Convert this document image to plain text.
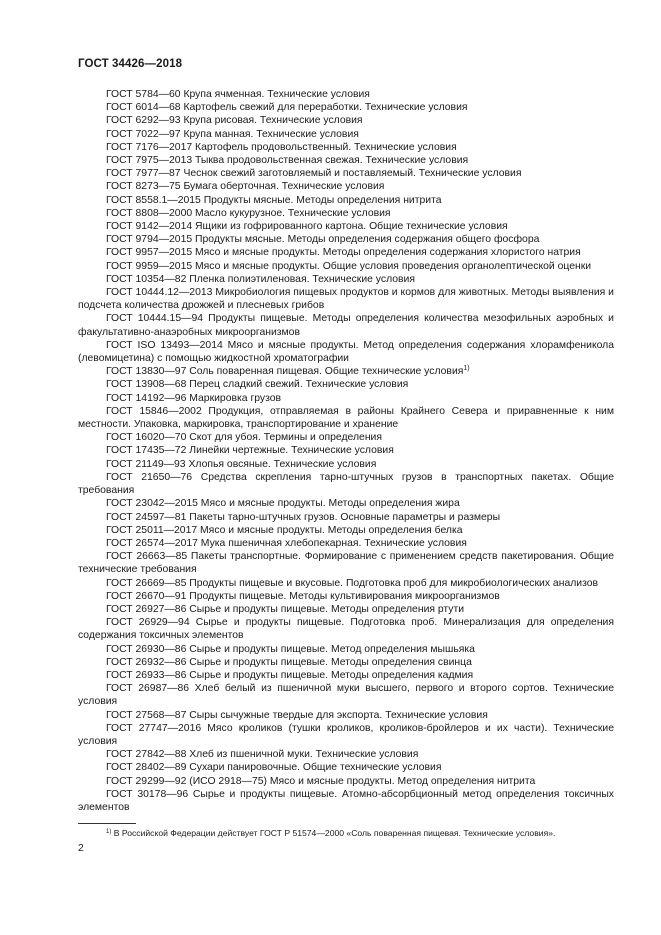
ГОСТ 34426—2018

ГОСТ 5784—60 Крупа ячменная. Технические условия

ГОСТ 6014—68 Картофель свежий для переработки. Технические условия

ГОСТ 6292—93 Крупа рисовая. Технические условия

ГОСТ 7022—97 Крупа манная. Технические условия

ГОСТ 7176—2017 Картофель продовольственный. Технические условия

ГОСТ 7975—2013 Тыква продовольственная свежая. Технические условия

ГОСТ 7977—87 Чеснок свежий заготовляемый и поставляемый. Технические условия

ГОСТ 8273—75 Бумага оберточная. Технические условия

ГОСТ 8558.1—2015 Продукты мясные. Методы определения нитрита

ГОСТ 8808—2000 Масло кукурузное. Технические условия

ГОСТ 9142—2014 Ящики из гофрированного картона. Общие технические условия

ГОСТ 9794—2015 Продукты мясные. Методы определения содержания общего фосфора

ГОСТ 9957—2015 Мясо и мясные продукты. Методы определения содержания хлористого натрия

ГОСТ 9959—2015 Мясо и мясные продукты. Общие условия проведения органолептической оценки

ГОСТ 10354—82 Пленка полиэтиленовая. Технические условия

ГОСТ 10444.12—2013 Микробиология пищевых продуктов и кормов для животных. Методы выявления и подсчета количества дрожжей и плесневых грибов

ГОСТ 10444.15—94 Продукты пищевые. Методы определения количества мезофильных аэробных и факультативно-анаэробных микроорганизмов

ГОСТ ISO 13493—2014 Мясо и мясные продукты. Метод определения содержания хлорамфеникола (левомицетина) с помощью жидкостной хроматографии

ГОСТ 13830—97 Соль поваренная пищевая. Общие технические условия$^{1)}$

ГОСТ 13908—68 Перец сладкий свежий. Технические условия

ГОСТ 14192—96 Маркировка грузов

ГОСТ 15846—2002 Продукция, отправляемая в районы Крайнего Севера и приравненные к ним местности. Упаковка, маркировка, транспортирование и хранение

ГОСТ 16020—70 Скот для убоя. Термины и определения

ГОСТ 17435—72 Линейки чертежные. Технические условия

ГОСТ 21149—93 Хлопья овсяные. Технические условия

ГОСТ 21650—76 Средства скрепления тарно-штучных грузов в транспортных пакетах. Общие требования

ГОСТ 23042—2015 Мясо и мясные продукты. Методы определения жира

ГОСТ 24597—81 Пакеты тарно-штучных грузов. Основные параметры и размеры

ГОСТ 25011—2017 Мясо и мясные продукты. Методы определения белка

ГОСТ 26574—2017 Мука пшеничная хлебопекарная. Технические условия

ГОСТ 26663—85 Пакеты транспортные. Формирование с применением средств пакетирования. Общие технические требования

ГОСТ 26669—85 Продукты пищевые и вкусовые. Подготовка проб для микробиологических анализов

ГОСТ 26670—91 Продукты пищевые. Методы культивирования микроорганизмов

ГОСТ 26927—86 Сырье и продукты пищевые. Методы определения ртути

ГОСТ 26929—94 Сырье и продукты пищевые. Подготовка проб. Минерализация для определения содержания токсичных элементов

ГОСТ 26930—86 Сырье и продукты пищевые. Метод определения мышьяка

ГОСТ 26932—86 Сырье и продукты пищевые. Методы определения свинца

ГОСТ 26933—86 Сырье и продукты пищевые. Методы определения кадмия

ГОСТ 26987—86 Хлеб белый из пшеничной муки высшего, первого и второго сортов. Технические условия

ГОСТ 27568—87 Сыры сычужные твердые для экспорта. Технические условия

ГОСТ 27747—2016 Мясо кроликов (тушки кроликов, кроликов-бройлеров и их части). Технические условия

ГОСТ 27842—88 Хлеб из пшеничной муки. Технические условия

ГОСТ 28402—89 Сухари панировочные. Общие технические условия

ГОСТ 29299—92 (ИСО 2918—75) Мясо и мясные продукты. Метод определения нитрита

ГОСТ 30178—96 Сырье и продукты пищевые. Атомно-абсорбционный метод определения токсичных элементов

$^{1)}$ В Российской Федерации действует ГОСТ Р 51574—2000 «Соль поваренная пищевая. Технические условия».
2
